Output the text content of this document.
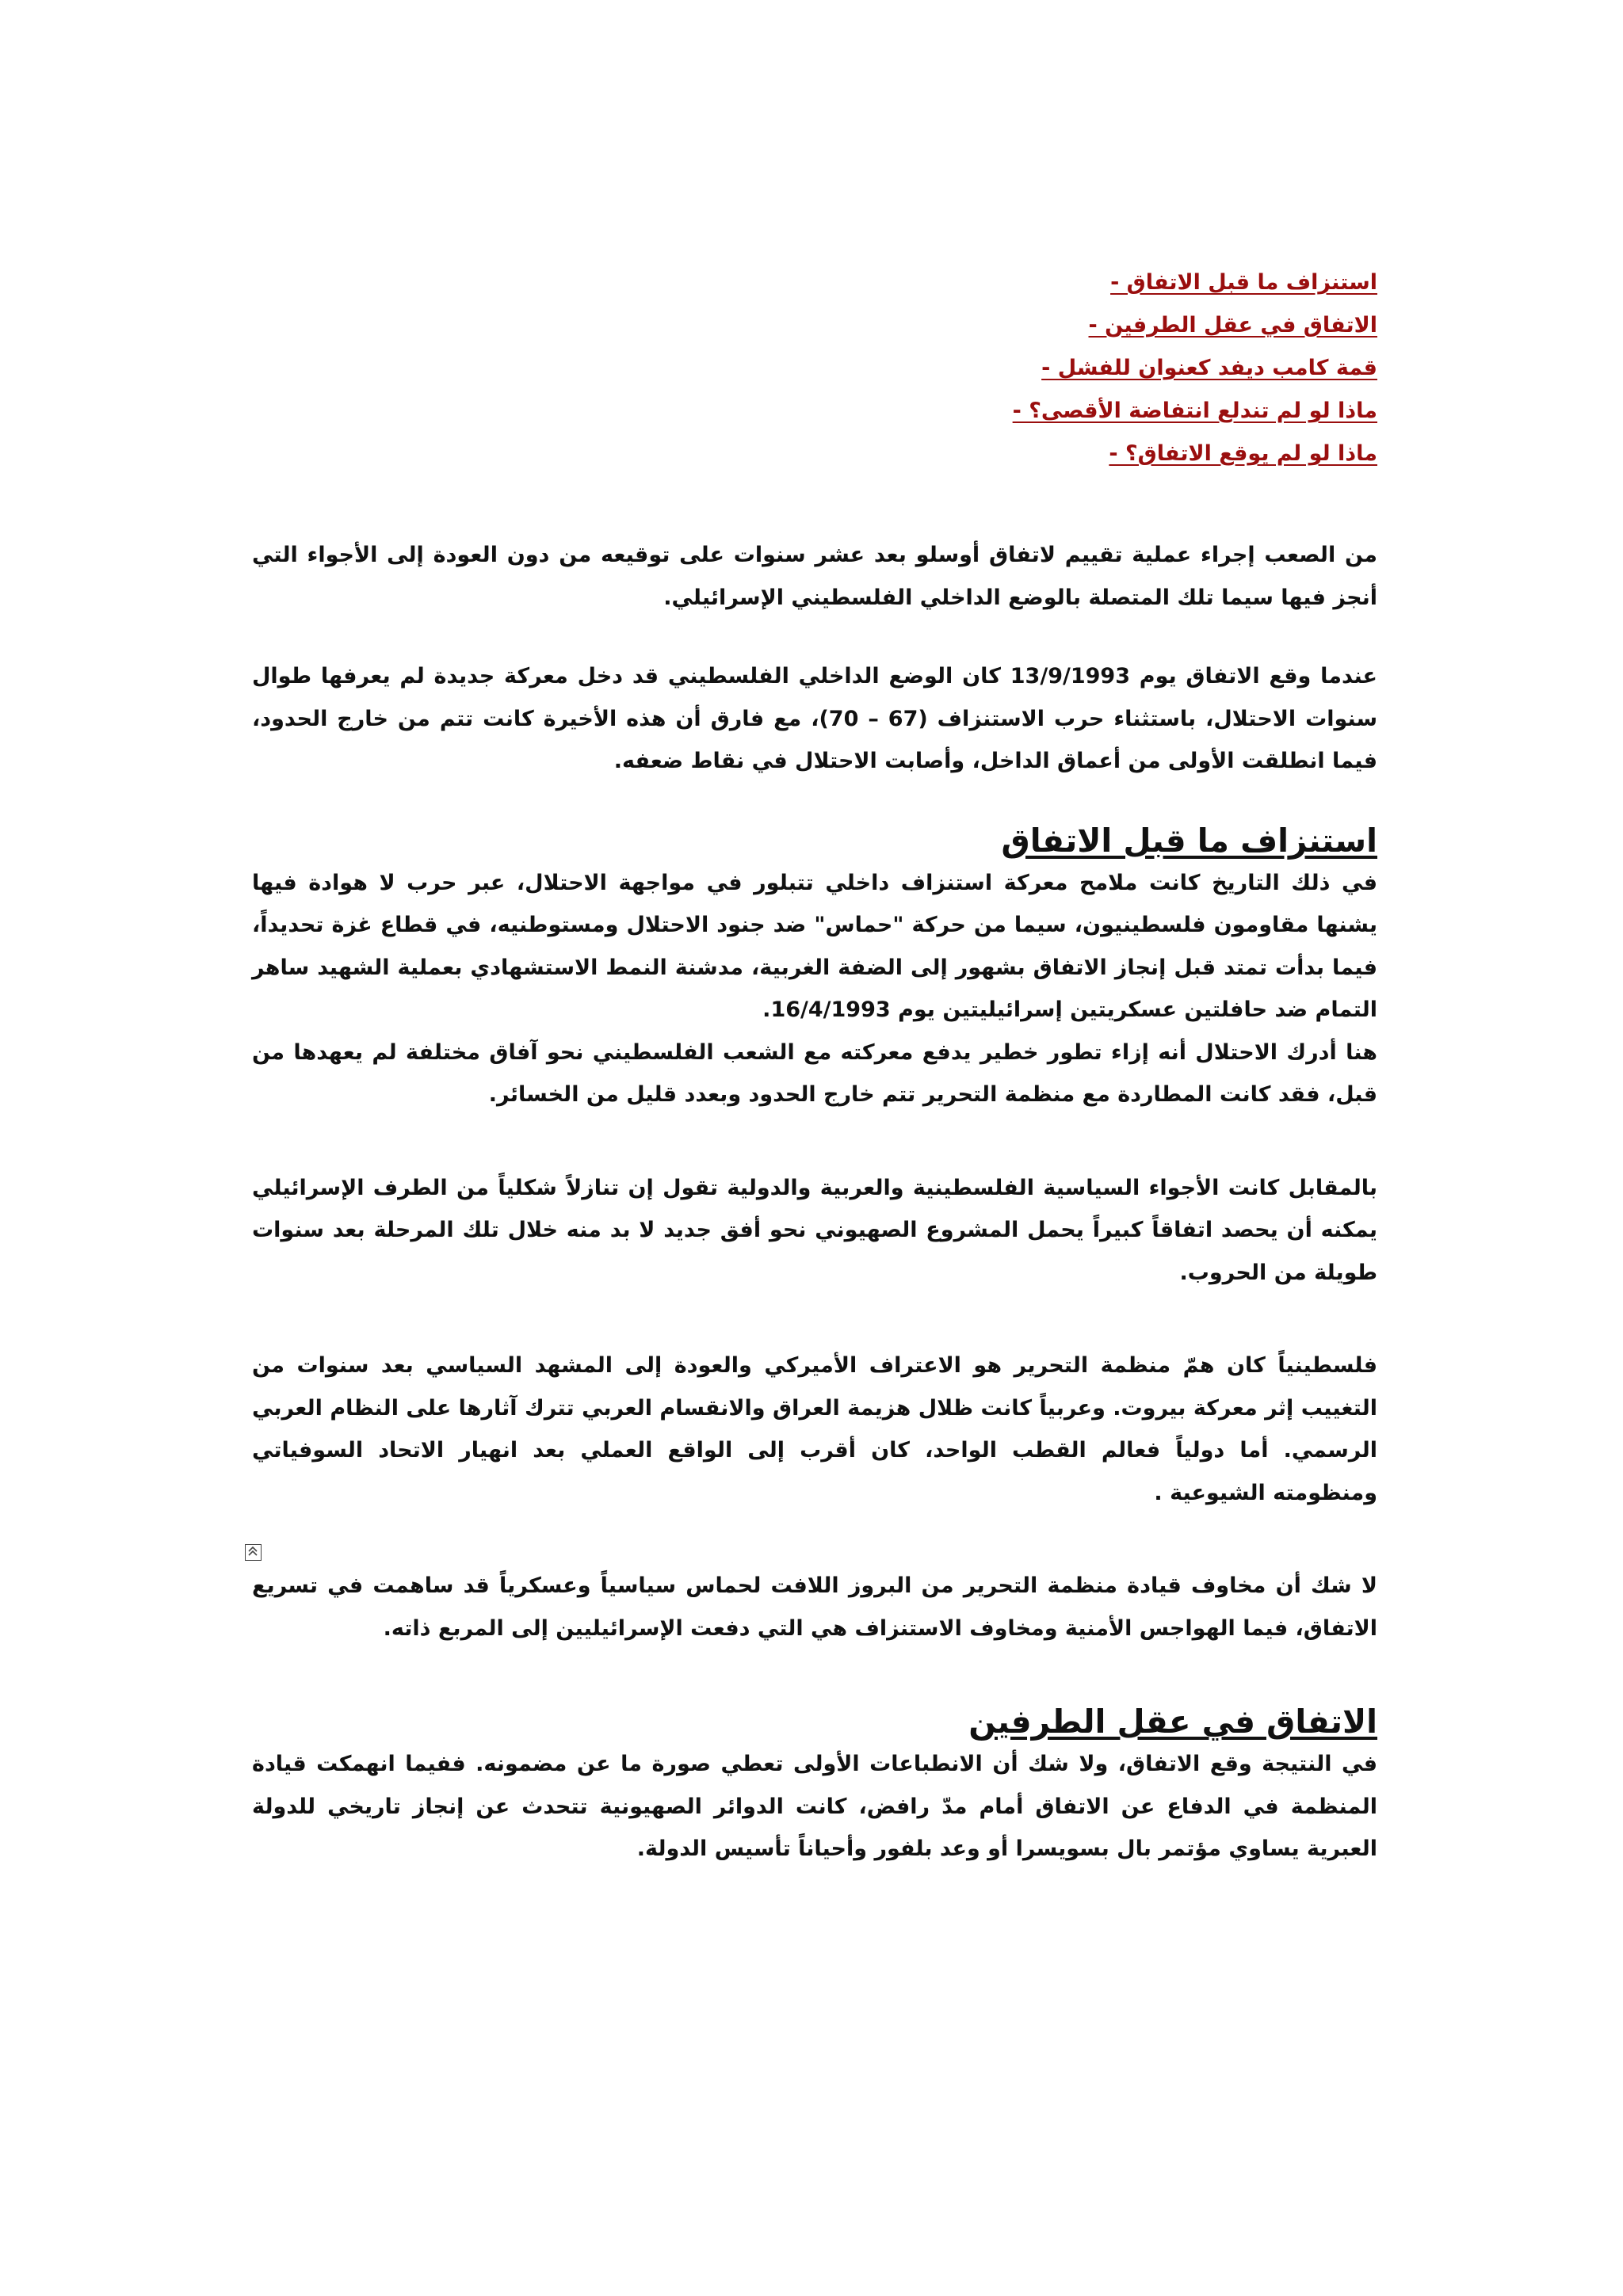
استنزاف ما قبل الاتفاق -
الاتفاق في عقل الطرفين -
قمة كامب ديفد كعنوان للفشل -
ماذا لو لم تندلع انتفاضة الأقصى؟ -
ماذا لو لم يوقع الاتفاق؟ -

من الصعب إجراء عملية تقييم لاتفاق أوسلو بعد عشر سنوات على توقيعه من دون العودة إلى الأجواء التي أنجز فيها سيما تلك المتصلة بالوضع الداخلي الفلسطيني الإسرائيلي.

عندما وقع الاتفاق يوم 13/9/1993 كان الوضع الداخلي الفلسطيني قد دخل معركة جديدة لم يعرفها طوال سنوات الاحتلال، باستثناء حرب الاستنزاف (67 – 70)، مع فارق أن هذه الأخيرة كانت تتم من خارج الحدود، فيما انطلقت الأولى من أعماق الداخل، وأصابت الاحتلال في نقاط ضعفه.

استنزاف ما قبل الاتفاق

في ذلك التاريخ كانت ملامح معركة استنزاف داخلي تتبلور في مواجهة الاحتلال، عبر حرب لا هوادة فيها يشنها مقاومون فلسطينيون، سيما من حركة "حماس" ضد جنود الاحتلال ومستوطنيه، في قطاع غزة تحديداً، فيما بدأت تمتد قبل إنجاز الاتفاق بشهور إلى الضفة الغربية، مدشنة النمط الاستشهادي بعملية الشهيد ساهر التمام ضد حافلتين عسكريتين إسرائيليتين يوم 16/4/1993.

هنا أدرك الاحتلال أنه إزاء تطور خطير يدفع معركته مع الشعب الفلسطيني نحو آفاق مختلفة لم يعهدها من قبل، فقد كانت المطاردة مع منظمة التحرير تتم خارج الحدود وبعدد قليل من الخسائر.

بالمقابل كانت الأجواء السياسية الفلسطينية والعربية والدولية تقول إن تنازلاً شكلياً من الطرف الإسرائيلي يمكنه أن يحصد اتفاقاً كبيراً يحمل المشروع الصهيوني نحو أفق جديد لا بد منه خلال تلك المرحلة بعد سنوات طويلة من الحروب.

فلسطينياً كان همّ منظمة التحرير هو الاعتراف الأميركي والعودة إلى المشهد السياسي بعد سنوات من التغييب إثر معركة بيروت. وعربياً كانت ظلال هزيمة العراق والانقسام العربي تترك آثارها على النظام العربي الرسمي. أما دولياً فعالم القطب الواحد، كان أقرب إلى الواقع العملي بعد انهيار الاتحاد السوفياتي ومنظومته الشيوعية .

لا شك أن مخاوف قيادة منظمة التحرير من البروز اللافت لحماس سياسياً وعسكرياً قد ساهمت في تسريع الاتفاق، فيما الهواجس الأمنية ومخاوف الاستنزاف هي التي دفعت الإسرائيليين إلى المربع ذاته.

الاتفاق في عقل الطرفين

في النتيجة وقع الاتفاق، ولا شك أن الانطباعات الأولى تعطي صورة ما عن مضمونه. ففيما انهمكت قيادة المنظمة في الدفاع عن الاتفاق أمام مدّ رافض، كانت الدوائر الصهيونية تتحدث عن إنجاز تاريخي للدولة العبرية يساوي مؤتمر بال بسويسرا أو وعد بلفور وأحياناً تأسيس الدولة.
